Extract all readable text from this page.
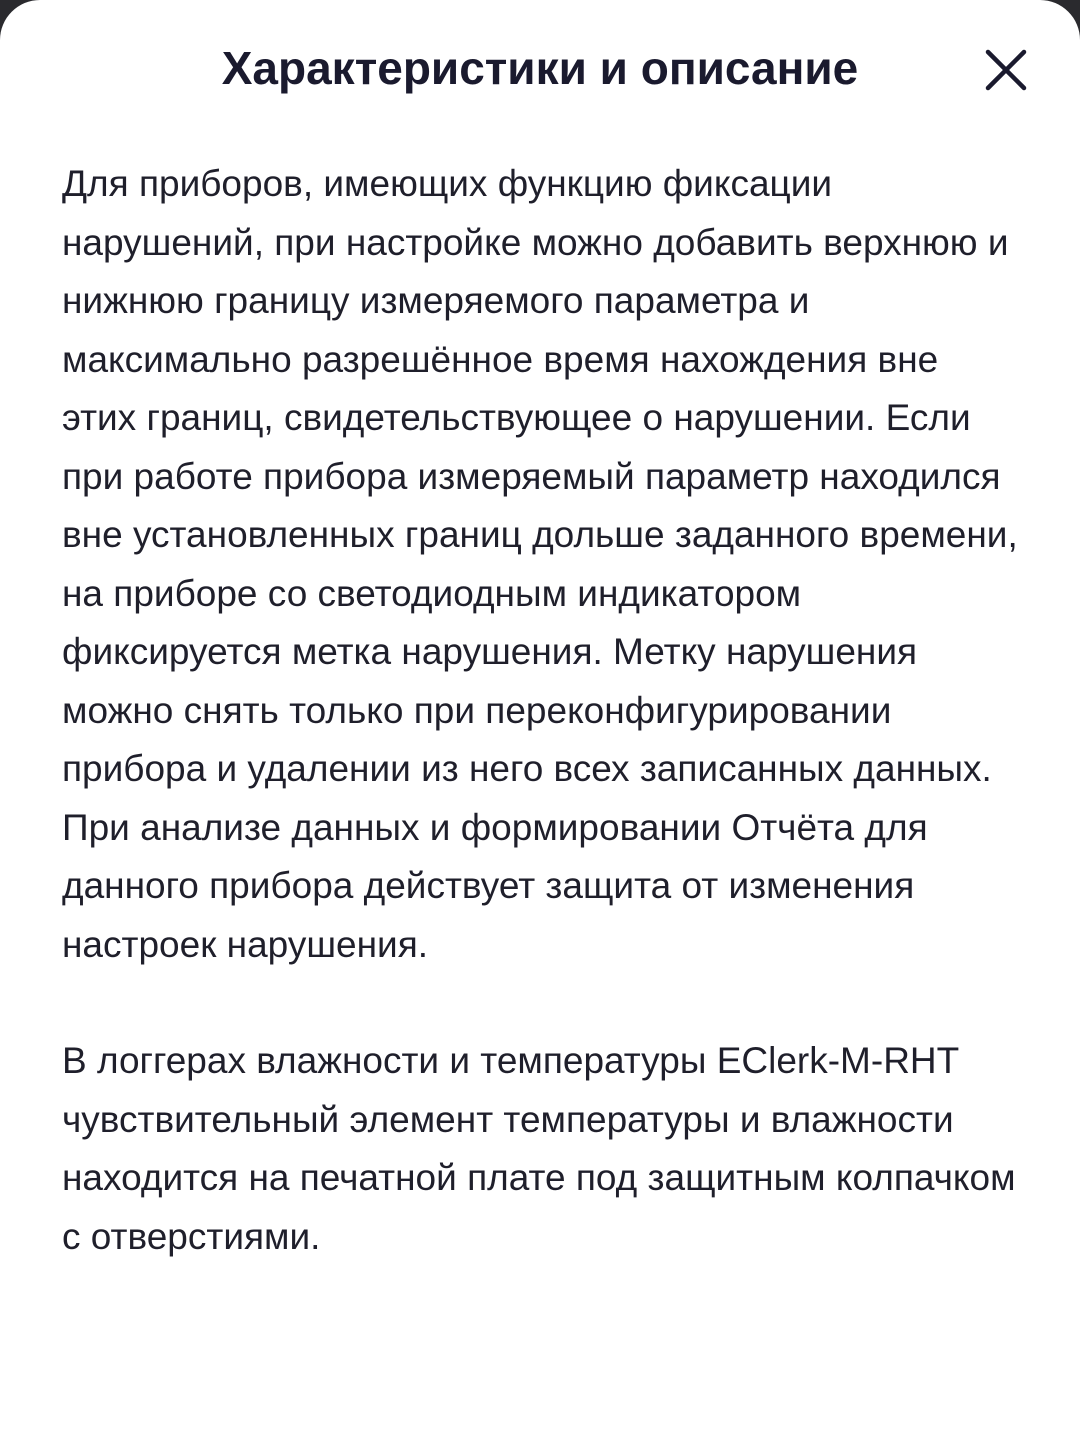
Характеристики и описание

Для приборов, имеющих функцию фиксации нарушений, при настройке можно добавить верхнюю и нижнюю границу измеряемого параметра и максимально разрешённое время нахождения вне этих границ, свидетельствующее о нарушении. Если при работе прибора измеряемый параметр находился вне установленных границ дольше заданного времени, на приборе со светодиодным индикатором фиксируется метка нарушения. Метку нарушения можно снять только при переконфигурировании прибора и удалении из него всех записанных данных. При анализе данных и формировании Отчёта для данного прибора действует защита от изменения настроек нарушения.

В логгерах влажности и температуры EClerk-M-RHT чувствительный элемент температуры и влажности находится на печатной плате под защитным колпачком с отверстиями.
